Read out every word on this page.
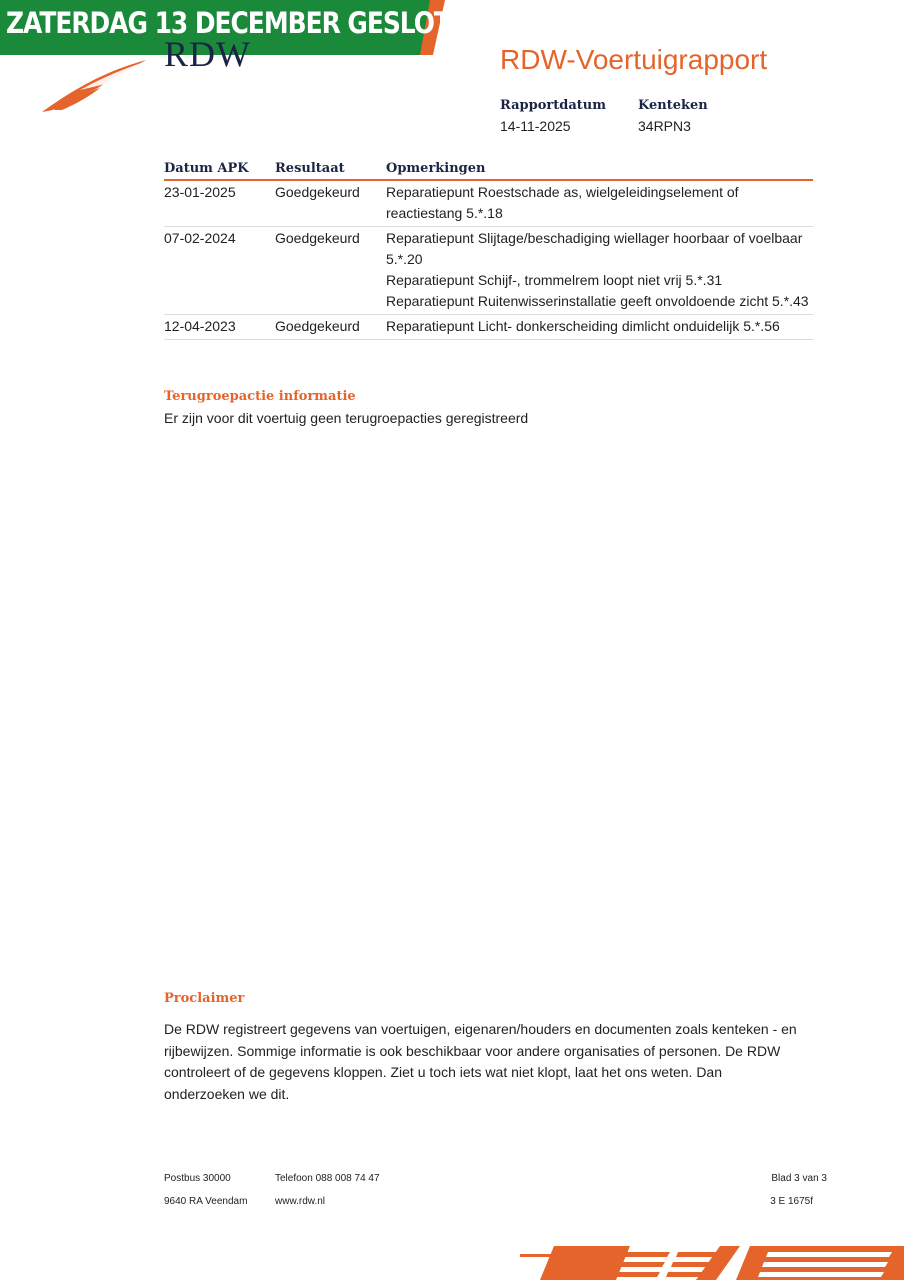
ZATERDAG 13 DECEMBER GESLOTEN
RDW	RDW-Voertuigrapport
Rapportdatum
14-11-2025
Kenteken
34RPN3
Datum APK	Resultaat	Opmerkingen
23-01-2025	Goedgekeurd	Reparatiepunt Roestschade as, wielgeleidingselement of reactiestang 5.*.18

07-02-2024	Goedgekeurd	Reparatiepunt Slijtage/beschadiging wiellager hoorbaar of voelbaar 5.*.20
Reparatiepunt Schijf-, trommelrem loopt niet vrij 5.*.31
Reparatiepunt Ruitenwisserinstallatie geeft onvoldoende zicht 5.*.43

12-04-2023	Goedgekeurd	Reparatiepunt Licht- donkerscheiding dimlicht onduidelijk 5.*.56
Terugroepactie informatie
Er zijn voor dit voertuig geen terugroepacties geregistreerd
Proclaimer
De RDW registreert gegevens van voertuigen, eigenaren/houders en documenten zoals kenteken - en rijbewijzen. Sommige informatie is ook beschikbaar voor andere organisaties of personen. De RDW controleert of de gegevens kloppen. Ziet u toch iets wat niet klopt, laat het ons weten. Dan onderzoeken we dit.
Postbus 30000
9640 RA Veendam
Telefoon 088 008 74 47
www.rdw.nl
Blad 3 van 3
3 E 1675f
